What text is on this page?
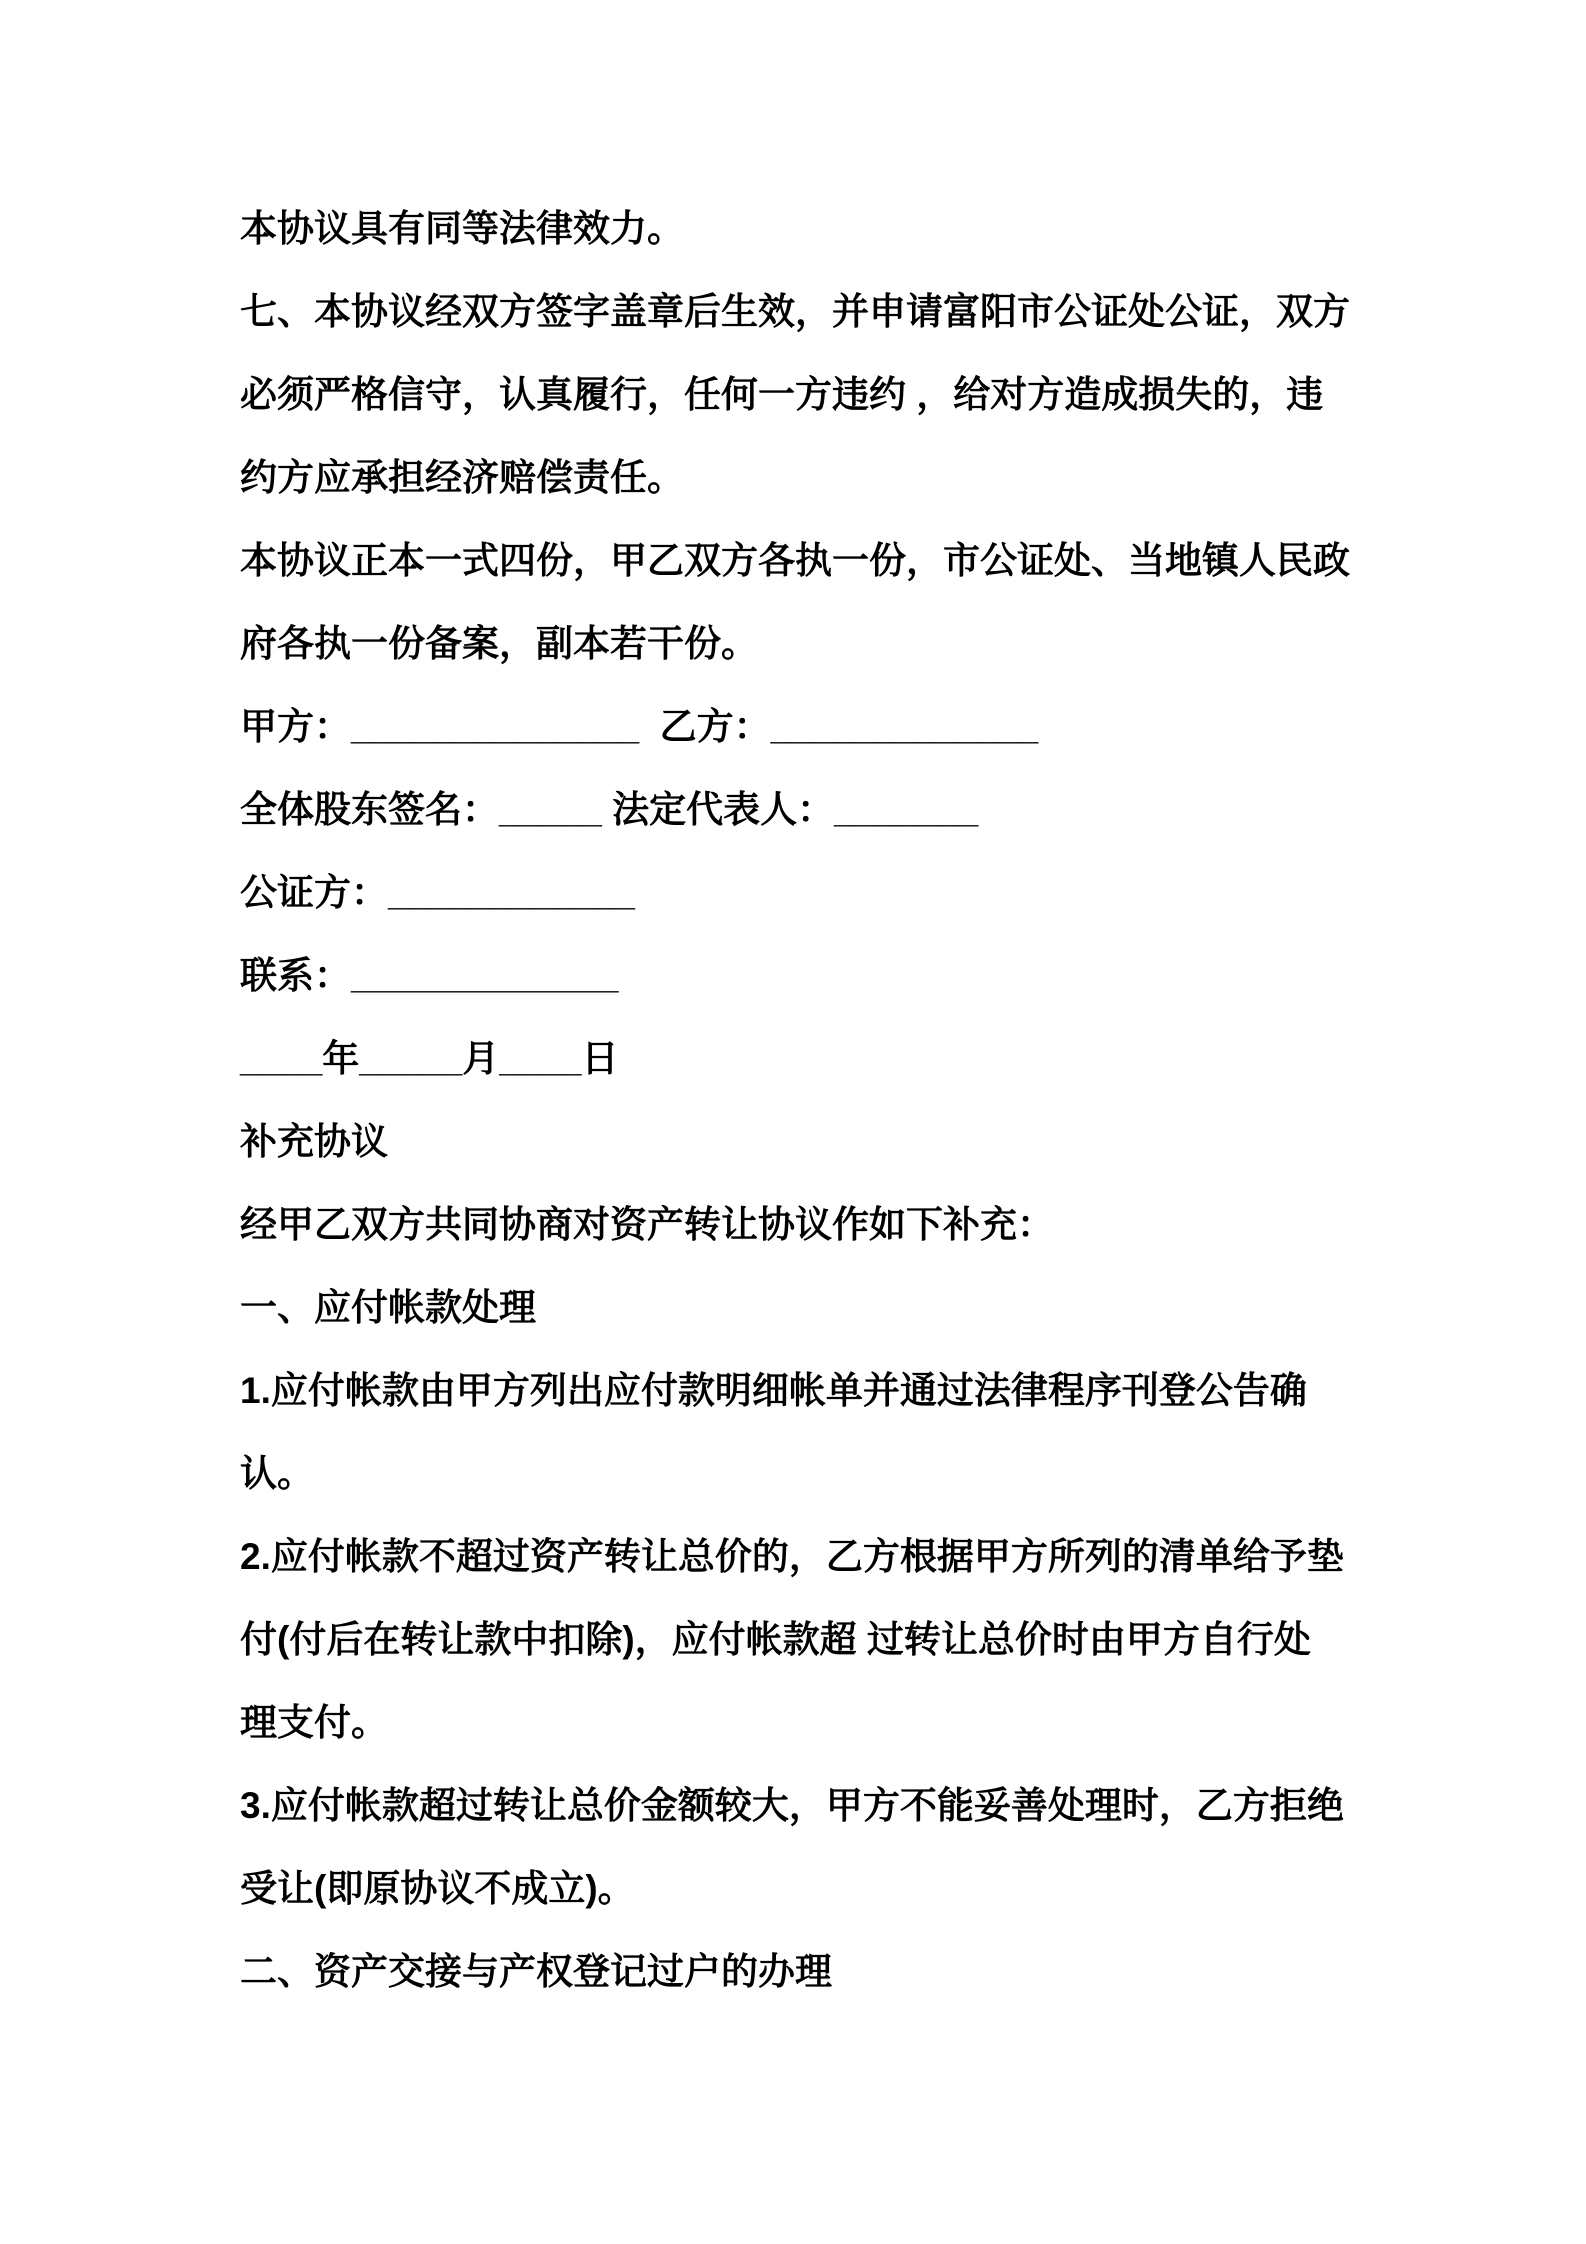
本协议具有同等法律效力。
七、本协议经双方签字盖章后生效，并申请富阳市公证处公证，双方
必须严格信守，认真履行，任何一方违约 ，给对方造成损失的，违
约方应承担经济赔偿责任。
本协议正本一式四份，甲乙双方各执一份，市公证处、当地镇人民政
府各执一份备案，副本若干份。
甲方：______________  乙方：_____________
全体股东签名：_____ 法定代表人：_______
公证方：____________
联系：_____________
____年_____月____日
补充协议
经甲乙双方共同协商对资产转让协议作如下补充：
一、应付帐款处理
1.应付帐款由甲方列出应付款明细帐单并通过法律程序刊登公告确
认。
2.应付帐款不超过资产转让总价的，乙方根据甲方所列的清单给予垫
付(付后在转让款中扣除)，应付帐款超 过转让总价时由甲方自行处
理支付。
3.应付帐款超过转让总价金额较大，甲方不能妥善处理时，乙方拒绝
受让(即原协议不成立)。
二、资产交接与产权登记过户的办理
